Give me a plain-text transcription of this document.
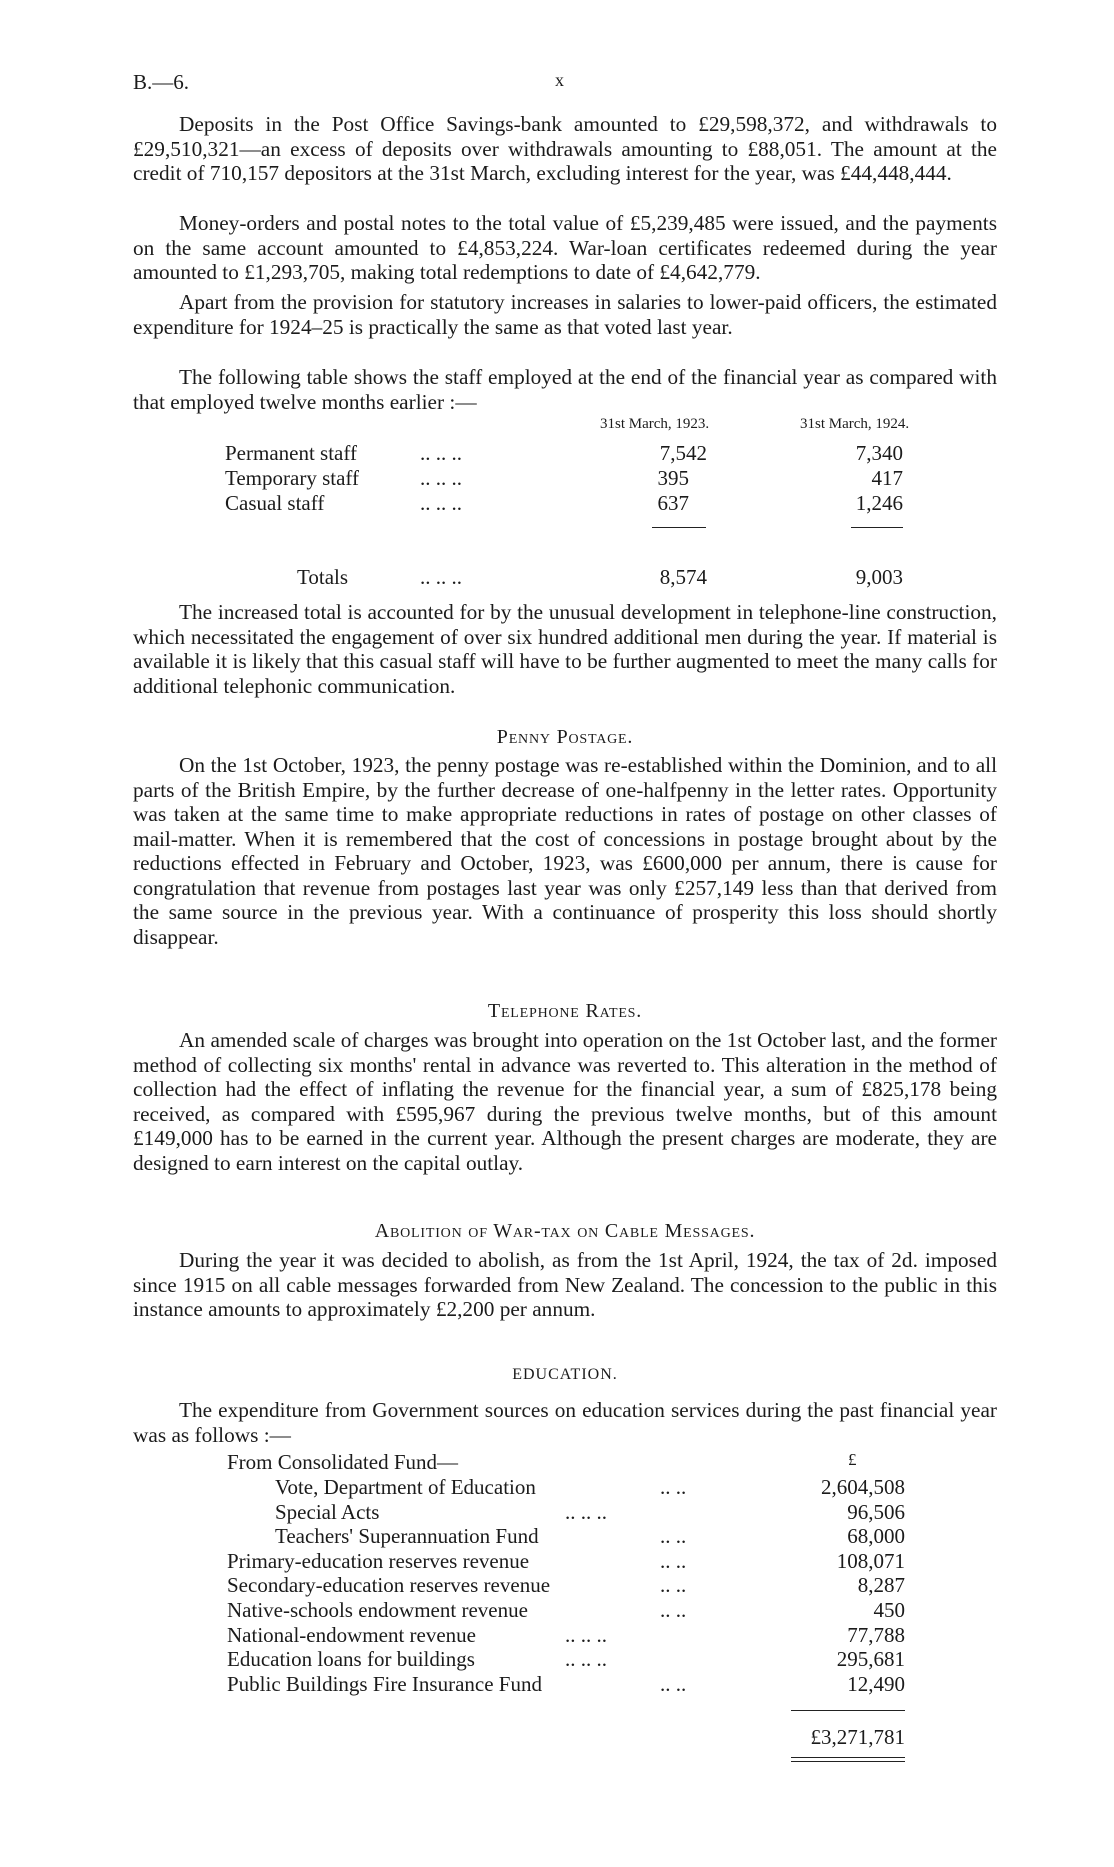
B.—6.	x

Deposits in the Post Office Savings-bank amounted to £29,598,372, and withdrawals to £29,510,321—an excess of deposits over withdrawals amounting to £88,051. The amount at the credit of 710,157 depositors at the 31st March, excluding interest for the year, was £44,448,444.

Money-orders and postal notes to the total value of £5,239,485 were issued, and the payments on the same account amounted to £4,853,224. War-loan certificates redeemed during the year amounted to £1,293,705, making total redemptions to date of £4,642,779.

Apart from the provision for statutory increases in salaries to lower-paid officers, the estimated expenditure for 1924–25 is practically the same as that voted last year.

The following table shows the staff employed at the end of the financial year as compared with that employed twelve months earlier :—

31st March, 1923.	31st March, 1924.
Permanent staff	.. .. ..	7,542	7,340
Temporary staff	.. .. ..	395	417
Casual staff	.. .. ..	637	1,246
Totals	.. .. ..	8,574	9,003

The increased total is accounted for by the unusual development in telephone-line construction, which necessitated the engagement of over six hundred additional men during the year. If material is available it is likely that this casual staff will have to be further augmented to meet the many calls for additional telephonic communication.

Penny Postage.

On the 1st October, 1923, the penny postage was re-established within the Dominion, and to all parts of the British Empire, by the further decrease of one-halfpenny in the letter rates. Opportunity was taken at the same time to make appropriate reductions in rates of postage on other classes of mail-matter. When it is remembered that the cost of concessions in postage brought about by the reductions effected in February and October, 1923, was £600,000 per annum, there is cause for congratulation that revenue from postages last year was only £257,149 less than that derived from the same source in the previous year. With a continuance of prosperity this loss should shortly disappear.

Telephone Rates.

An amended scale of charges was brought into operation on the 1st October last, and the former method of collecting six months' rental in advance was reverted to. This alteration in the method of collection had the effect of inflating the revenue for the financial year, a sum of £825,178 being received, as compared with £595,967 during the previous twelve months, but of this amount £149,000 has to be earned in the current year. Although the present charges are moderate, they are designed to earn interest on the capital outlay.

Abolition of War-tax on Cable Messages.

During the year it was decided to abolish, as from the 1st April, 1924, the tax of 2d. imposed since 1915 on all cable messages forwarded from New Zealand. The concession to the public in this instance amounts to approximately £2,200 per annum.

EDUCATION.

The expenditure from Government sources on education services during the past financial year was as follows :—

From Consolidated Fund—	£
Vote, Department of Education	.. ..	2,604,508
Special Acts	.. .. ..	96,506
Teachers' Superannuation Fund	.. ..	68,000
Primary-education reserves revenue	.. ..	108,071
Secondary-education reserves revenue	.. ..	8,287
Native-schools endowment revenue	.. ..	450
National-endowment revenue	.. .. ..	77,788
Education loans for buildings	.. .. ..	295,681
Public Buildings Fire Insurance Fund	.. ..	12,490
£3,271,781
